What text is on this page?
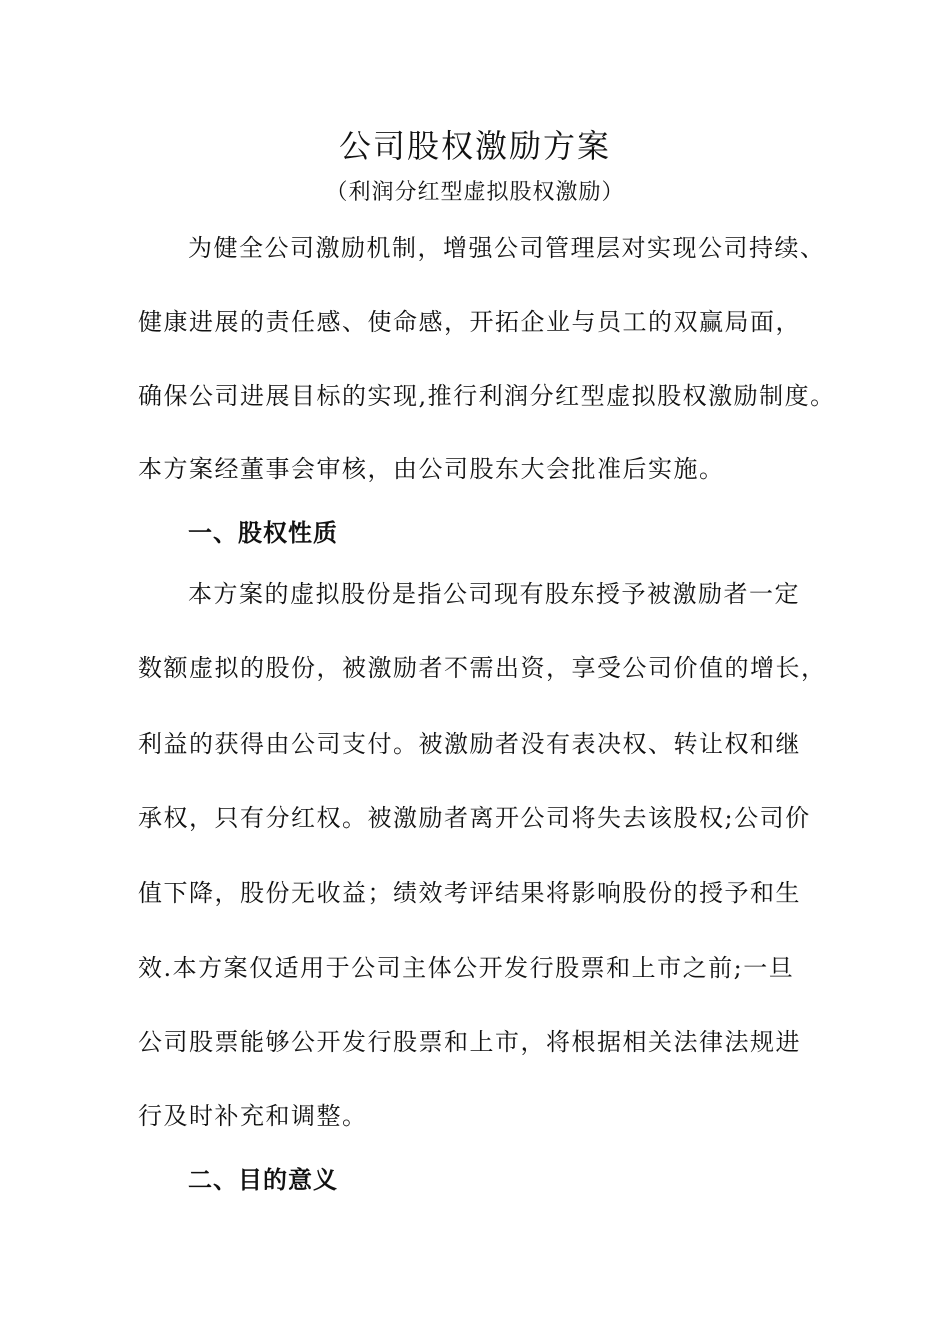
公司股权激励方案
（利润分红型虚拟股权激励）
为健全公司激励机制，增强公司管理层对实现公司持续、
健康进展的责任感、使命感，开拓企业与员工的双赢局面，
确保公司进展目标的实现,推行利润分红型虚拟股权激励制度。
本方案经董事会审核，由公司股东大会批准后实施。
一、股权性质
本方案的虚拟股份是指公司现有股东授予被激励者一定
数额虚拟的股份，被激励者不需出资，享受公司价值的增长，
利益的获得由公司支付。被激励者没有表决权、转让权和继
承权，只有分红权。被激励者离开公司将失去该股权;公司价
值下降，股份无收益；绩效考评结果将影响股份的授予和生
效.本方案仅适用于公司主体公开发行股票和上市之前;一旦
公司股票能够公开发行股票和上市，将根据相关法律法规进
行及时补充和调整。
二、目的意义
